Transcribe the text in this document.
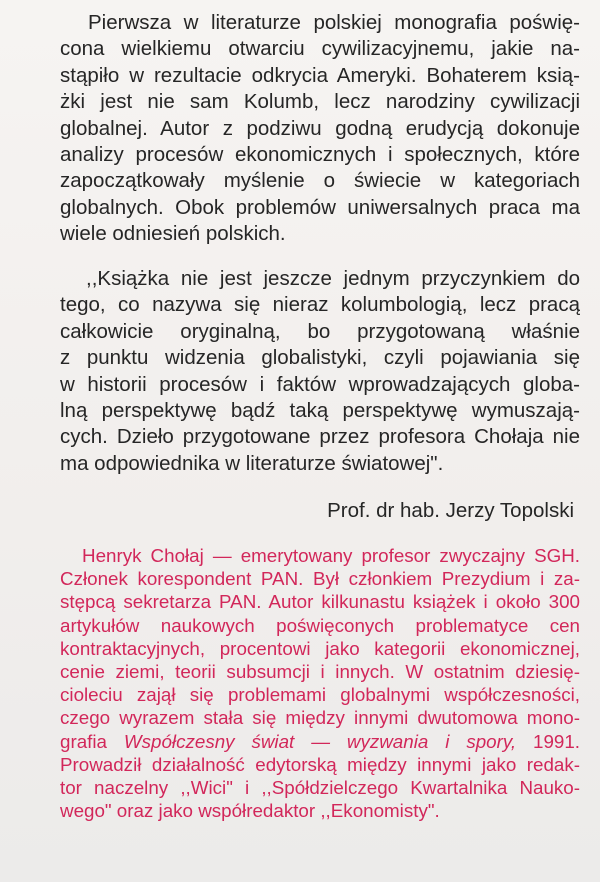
Pierwsza w literaturze polskiej monografia poświę-
cona wielkiemu otwarciu cywilizacyjnemu, jakie na-
stąpiło w rezultacie odkrycia Ameryki. Bohaterem ksią-
żki jest nie sam Kolumb, lecz narodziny cywilizacji
globalnej. Autor z podziwu godną erudycją dokonuje
analizy procesów ekonomicznych i społecznych, które
zapoczątkowały myślenie o świecie w kategoriach
globalnych. Obok problemów uniwersalnych praca ma
wiele odniesień polskich.
,,Książka nie jest jeszcze jednym przyczynkiem do
tego, co nazywa się nieraz kolumbologią, lecz pracą
całkowicie oryginalną, bo przygotowaną właśnie
z punktu widzenia globalistyki, czyli pojawiania się
w historii procesów i faktów wprowadzających globa-
lną perspektywę bądź taką perspektywę wymuszają-
cych. Dzieło przygotowane przez profesora Chołaja nie
ma odpowiednika w literaturze światowej".
Prof. dr hab. Jerzy Topolski
Henryk Chołaj — emerytowany profesor zwyczajny SGH.
Członek korespondent PAN. Był członkiem Prezydium i za-
stępcą sekretarza PAN. Autor kilkunastu książek i około 300
artykułów naukowych poświęconych problematyce cen
kontraktacyjnych, procentowi jako kategorii ekonomicznej,
cenie ziemi, teorii subsumcji i innych. W ostatnim dziesię-
cioleciu zajął się problemami globalnymi współczesności,
czego wyrazem stała się między innymi dwutomowa mono-
grafia Współczesny świat — wyzwania i spory, 1991.
Prowadził działalność edytorską między innymi jako redak-
tor naczelny ,,Wici" i ,,Spółdzielczego Kwartalnika Nauko-
wego" oraz jako współredaktor ,,Ekonomisty".
